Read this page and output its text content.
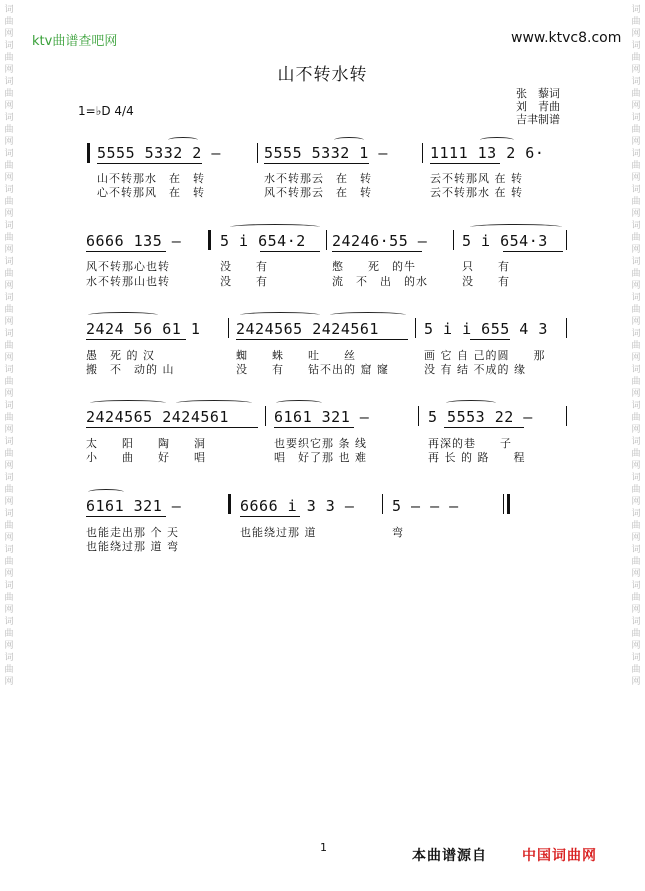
词
曲
网
词
曲
网
词
曲
网
词
曲
网
词
曲
网
词
曲
网
词
曲
网
词
曲
网
词
曲
网
词
曲
网
词
曲
网
词
曲
网
词
曲
网
词
曲
网
词
曲
网
词
曲
网
词
曲
网
词
曲
网
词
曲
网
词
曲
网
词
曲
网
词
曲
网
词
曲
网
词
曲
网
词
曲
网
词
曲
网
词
曲
网
词
曲
网
词
曲
网
词
曲
网
词
曲
网
词
曲
网
词
曲
网
词
曲
网
词
曲
网
词
曲
网
词
曲
网
词
曲
网
ktv曲谱查吧网	www.ktvc8.com
山不转水转
1=♭D 4/4
张　藜词
刘　青曲
吉聿制谱
5555 5332 2 —	5555 5332 1 —	1111 13 2 6·
山不转那水　在　转	水不转那云　在　转	云不转那风 在 转
心不转那风　在　转	风不转那云　在　转	云不转那水 在 转
6666 135 —	5 i 654·2 24246·55 — 5 i 654·3
风不转那心也转	没　　有	憋　　死　的牛	只　　有
水不转那山也转	没　　有	流　不　出　的水	没　　有
2424 56 61 1 2424565 2424561	5 i i 655 4 3
愚　死 的 汉	蜘　　蛛　　吐　　丝	画 它 自 己的圆　　那
搬　不　动的 山	没　　有　　钻不出的 窟 窿	没 有 结 不成的 缘
2424565 2424561	6161 321 —	5 5553 22 —
太　　阳　　陶　　洞	也要织它那 条 线	再深的巷　　子
小　　曲　　好　　唱	唱　好了那 也 难	再 长 的 路　　程
6161 321 —	6666 i 3 3 —	5 — — —
也能走出那 个 天	也能绕过那 道	弯
也能绕过那 道 弯
1
本曲谱源自	中国词曲网
